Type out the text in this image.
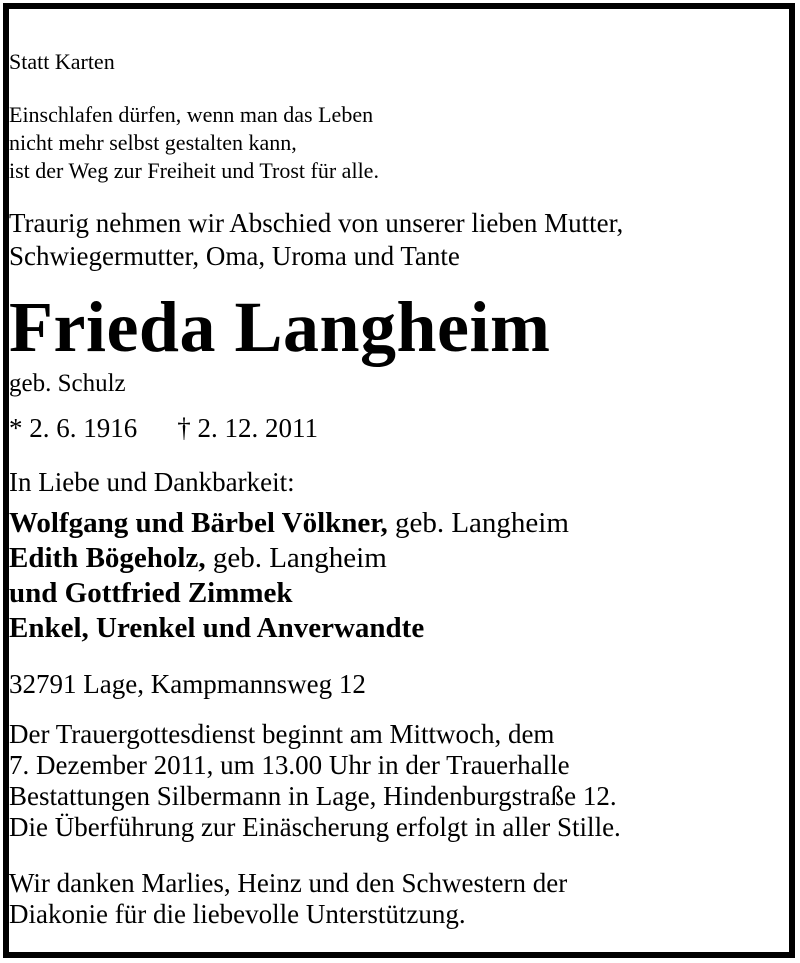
Statt Karten
Einschlafen dürfen, wenn man das Leben
nicht mehr selbst gestalten kann,
ist der Weg zur Freiheit und Trost für alle.
Traurig nehmen wir Abschied von unserer lieben Mutter,
Schwiegermutter, Oma, Uroma und Tante
Frieda Langheim
geb. Schulz
* 2. 6. 1916 † 2. 12. 2011
In Liebe und Dankbarkeit:
Wolfgang und Bärbel Völkner, geb. Langheim
Edith Bögeholz, geb. Langheim
und Gottfried Zimmek
Enkel, Urenkel und Anverwandte
32791 Lage, Kampmannsweg 12
Der Trauergottesdienst beginnt am Mittwoch, dem
7. Dezember 2011, um 13.00 Uhr in der Trauerhalle
Bestattungen Silbermann in Lage, Hindenburgstraße 12.
Die Überführung zur Einäscherung erfolgt in aller Stille.
Wir danken Marlies, Heinz und den Schwestern der
Diakonie für die liebevolle Unterstützung.
